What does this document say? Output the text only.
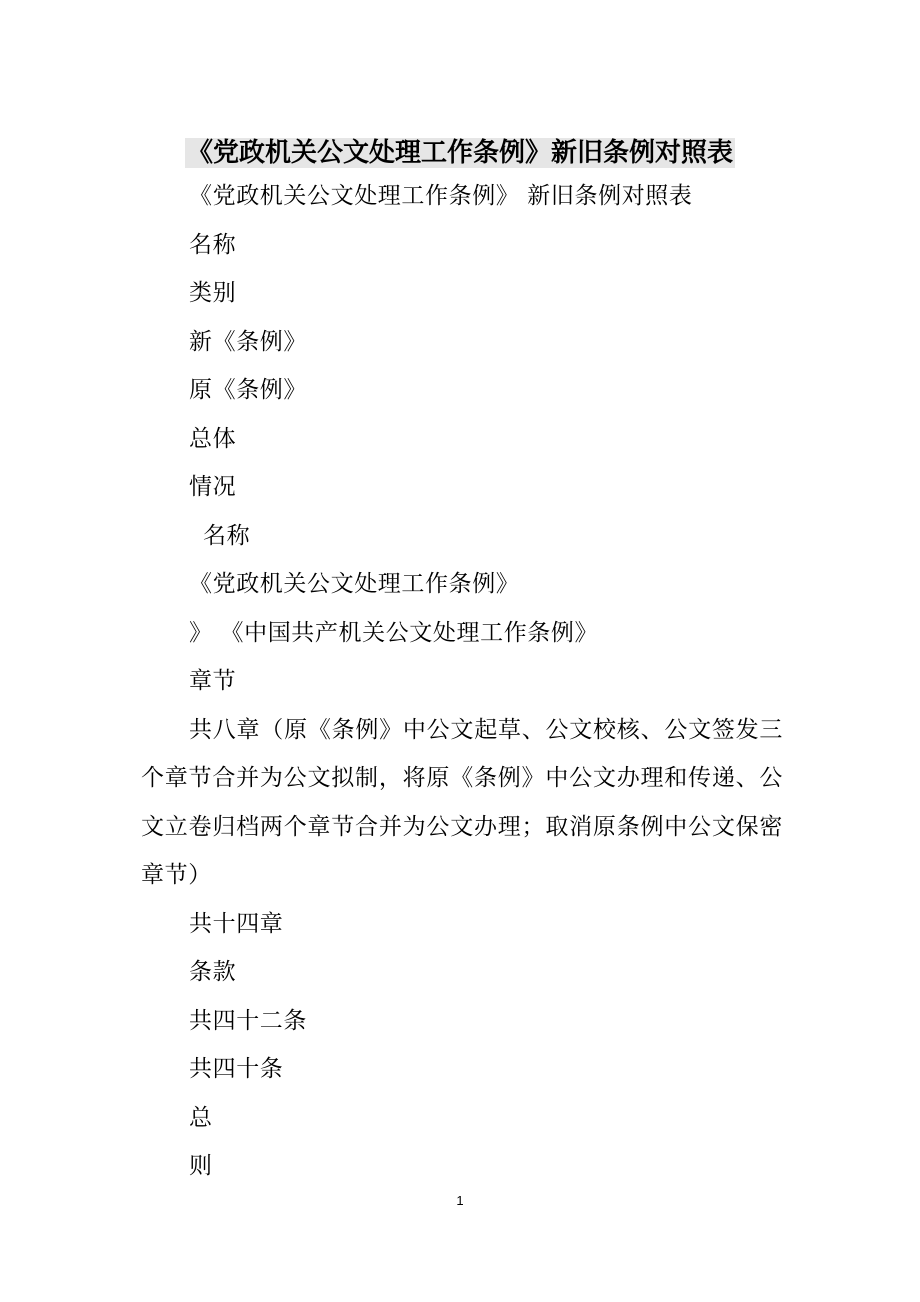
《党政机关公文处理工作条例》新旧条例对照表

《党政机关公文处理工作条例》 新旧条例对照表

名称

类别

新《条例》

原《条例》

总体

情况

名称

《党政机关公文处理工作条例》

》 《中国共产机关公文处理工作条例》

章节

共八章（原《条例》中公文起草、公文校核、公文签发三个章节合并为公文拟制，将原《条例》中公文办理和传递、公文立卷归档两个章节合并为公文办理；取消原条例中公文保密章节）

共十四章

条款

共四十二条

共四十条

总

则

1
